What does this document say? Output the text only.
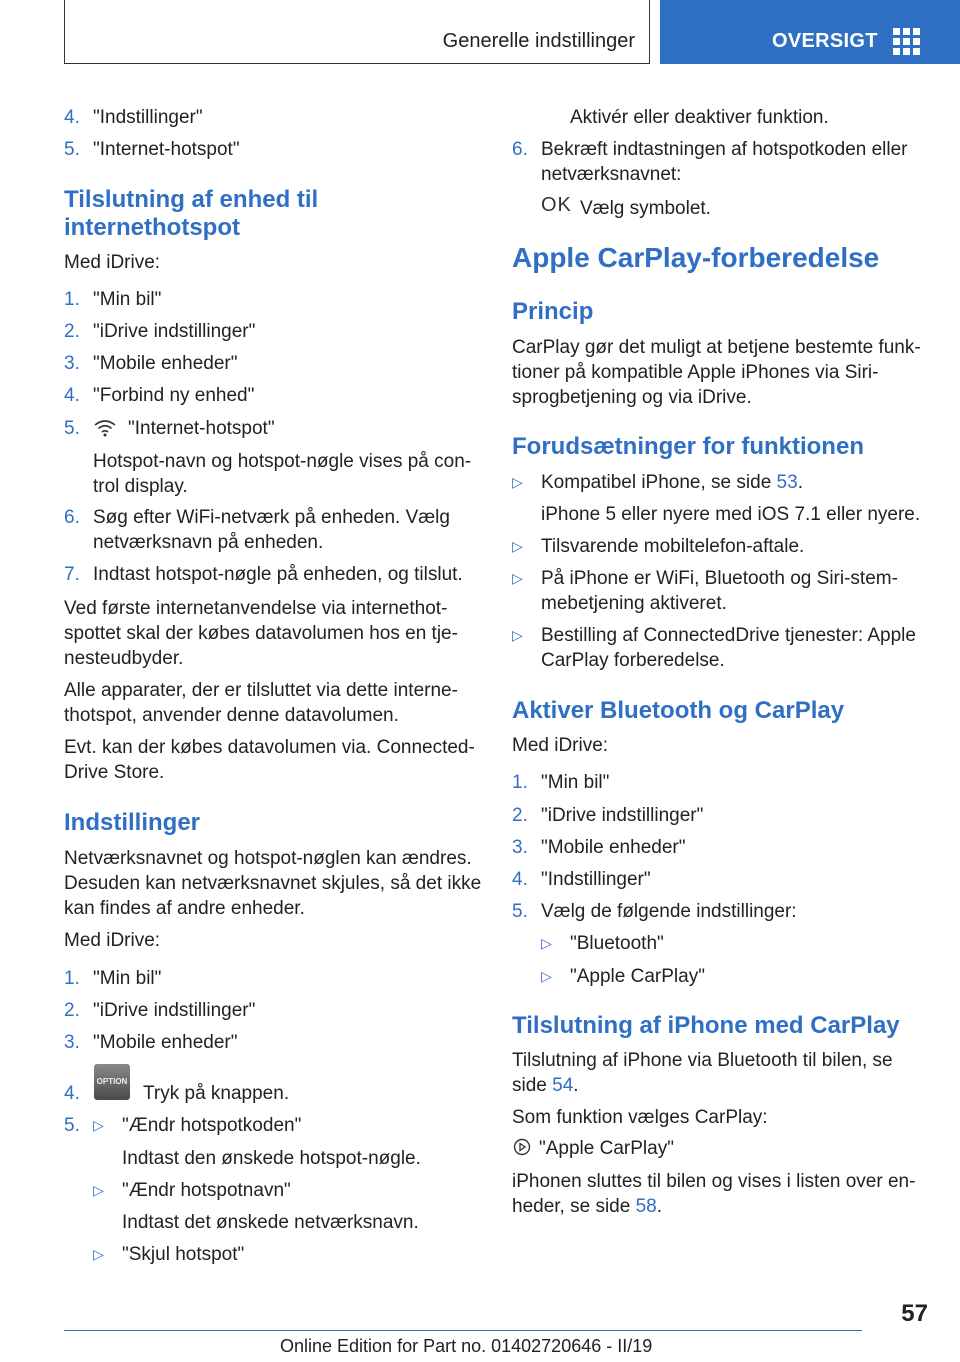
Generelle indstillinger	OVERSIGT
4. "Indstillinger"
5. "Internet-hotspot"
Tilslutning af enhed til
internethotspot
Med iDrive:
1. "Min bil"
2. "iDrive indstillinger"
3. "Mobile enheder"
4. "Forbind ny enhed"
5.	"Internet-hotspot"
Hotspot-navn og hotspot-nøgle vises på con-
trol display.
6. Søg efter WiFi-netværk på enheden. Vælg
netværksnavn på enheden.
7. Indtast hotspot-nøgle på enheden, og tilslut.
Ved første internetanvendelse via internethot-
spottet skal der købes datavolumen hos en tje-
nesteudbyder.
Alle apparater, der er tilsluttet via dette interne-
thotspot, anvender denne datavolumen.
Evt. kan der købes datavolumen via. Connected-
Drive Store.
Indstillinger
Netværksnavnet og hotspot-nøglen kan ændres.
Desuden kan netværksnavnet skjules, så det ikke
kan findes af andre enheder.
Med iDrive:
1. "Min bil"
2. "iDrive indstillinger"
3. "Mobile enheder"
4.
OPTION
Tryk på knappen.
5. ▷ "Ændr hotspotkoden"
Indtast den ønskede hotspot-nøgle.
▷ "Ændr hotspotnavn"
Indtast det ønskede netværksnavn.
▷ "Skjul hotspot"
Aktivér eller deaktiver funktion.
6. Bekræft indtastningen af hotspotkoden eller
netværksnavnet:
OK Vælg symbolet.
Apple CarPlay-forberedelse
Princip
CarPlay gør det muligt at betjene bestemte funk-
tioner på kompatible Apple iPhones via Siri-
sprogbetjening og via iDrive.
Forudsætninger for funktionen
▷ Kompatibel iPhone, se side 53.
iPhone 5 eller nyere med iOS 7.1 eller nyere.
▷ Tilsvarende mobiltelefon-aftale.
▷ På iPhone er WiFi, Bluetooth og Siri-stem-
mebetjening aktiveret.
▷ Bestilling af ConnectedDrive tjenester: Apple
CarPlay forberedelse.
Aktiver Bluetooth og CarPlay
Med iDrive:
1. "Min bil"
2. "iDrive indstillinger"
3. "Mobile enheder"
4. "Indstillinger"
5. Vælg de følgende indstillinger:
▷ "Bluetooth"
▷ "Apple CarPlay"
Tilslutning af iPhone med CarPlay
Tilslutning af iPhone via Bluetooth til bilen, se
side 54.
Som funktion vælges CarPlay:
"Apple CarPlay"
iPhonen sluttes til bilen og vises i listen over en-
heder, se side 58.
57
Online Edition for Part no. 01402720646 - II/19
